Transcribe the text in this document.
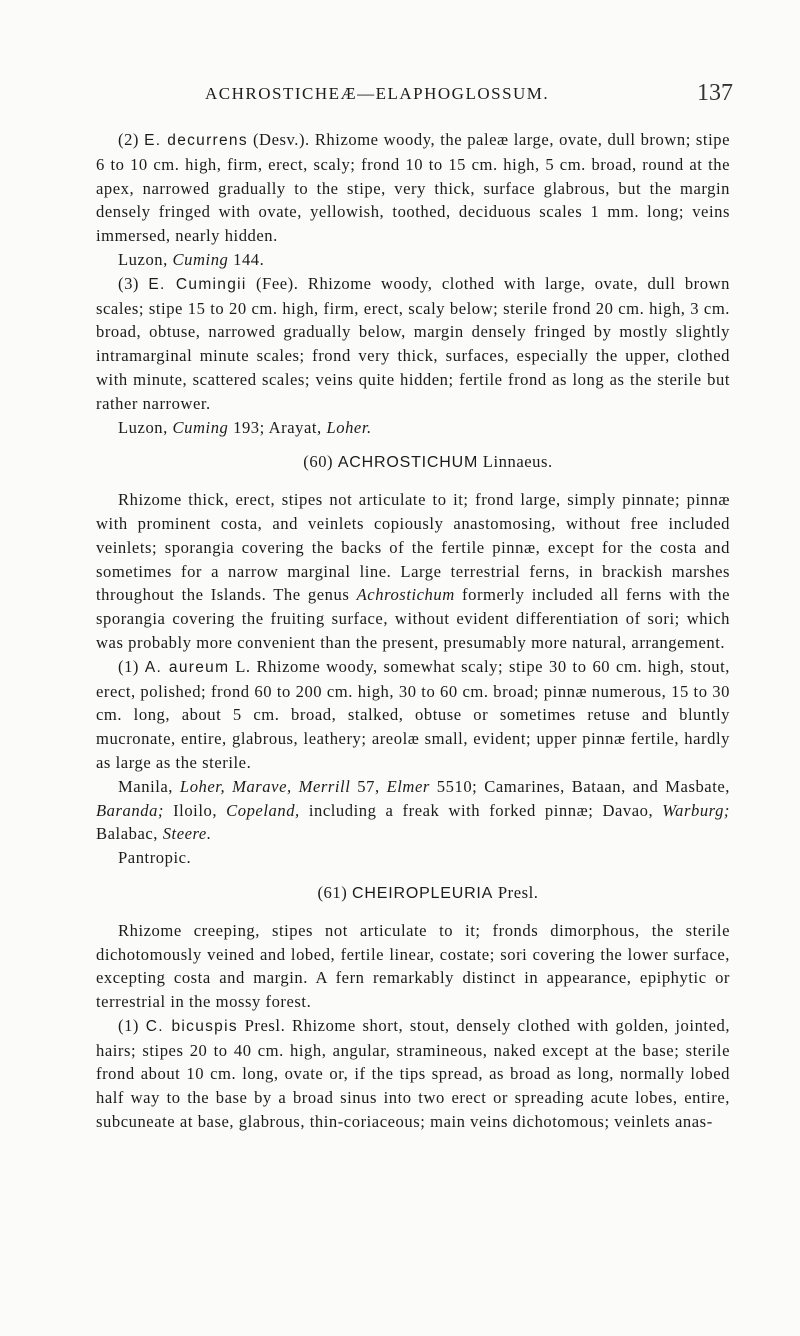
ACHROSTICHEÆ—ELAPHOGLOSSUM.	137

(2) E. decurrens (Desv.). Rhizome woody, the paleæ large, ovate, dull brown; stipe 6 to 10 cm. high, firm, erect, scaly; frond 10 to 15 cm. high, 5 cm. broad, round at the apex, narrowed gradually to the stipe, very thick, surface glabrous, but the margin densely fringed with ovate, yellowish, toothed, deciduous scales 1 mm. long; veins immersed, nearly hidden.

Luzon, Cuming 144.

(3) E. Cumingii (Fee). Rhizome woody, clothed with large, ovate, dull brown scales; stipe 15 to 20 cm. high, firm, erect, scaly below; sterile frond 20 cm. high, 3 cm. broad, obtuse, narrowed gradually below, margin densely fringed by mostly slightly intramarginal minute scales; frond very thick, surfaces, especially the upper, clothed with minute, scattered scales; veins quite hidden; fertile frond as long as the sterile but rather narrower.

Luzon, Cuming 193; Arayat, Loher.

(60) ACHROSTICHUM Linnaeus.

Rhizome thick, erect, stipes not articulate to it; frond large, simply pinnate; pinnæ with prominent costa, and veinlets copiously anastomosing, without free included veinlets; sporangia covering the backs of the fertile pinnæ, except for the costa and sometimes for a narrow marginal line. Large terrestrial ferns, in brackish marshes throughout the Islands. The genus Achrostichum formerly included all ferns with the sporangia covering the fruiting surface, without evident differentiation of sori; which was probably more convenient than the present, presumably more natural, arrangement.

(1) A. aureum L. Rhizome woody, somewhat scaly; stipe 30 to 60 cm. high, stout, erect, polished; frond 60 to 200 cm. high, 30 to 60 cm. broad; pinnæ numerous, 15 to 30 cm. long, about 5 cm. broad, stalked, obtuse or sometimes retuse and bluntly mucronate, entire, glabrous, leathery; areolæ small, evident; upper pinnæ fertile, hardly as large as the sterile.

Manila, Loher, Marave, Merrill 57, Elmer 5510; Camarines, Bataan, and Masbate, Baranda; Iloilo, Copeland, including a freak with forked pinnæ; Davao, Warburg; Balabac, Steere.

Pantropic.

(61) CHEIROPLEURIA Presl.

Rhizome creeping, stipes not articulate to it; fronds dimorphous, the sterile dichotomously veined and lobed, fertile linear, costate; sori covering the lower surface, excepting costa and margin. A fern remarkably distinct in appearance, epiphytic or terrestrial in the mossy forest.

(1) C. bicuspis Presl. Rhizome short, stout, densely clothed with golden, jointed, hairs; stipes 20 to 40 cm. high, angular, stramineous, naked except at the base; sterile frond about 10 cm. long, ovate or, if the tips spread, as broad as long, normally lobed half way to the base by a broad sinus into two erect or spreading acute lobes, entire, subcuneate at base, glabrous, thin-coriaceous; main veins dichotomous; veinlets anas-
